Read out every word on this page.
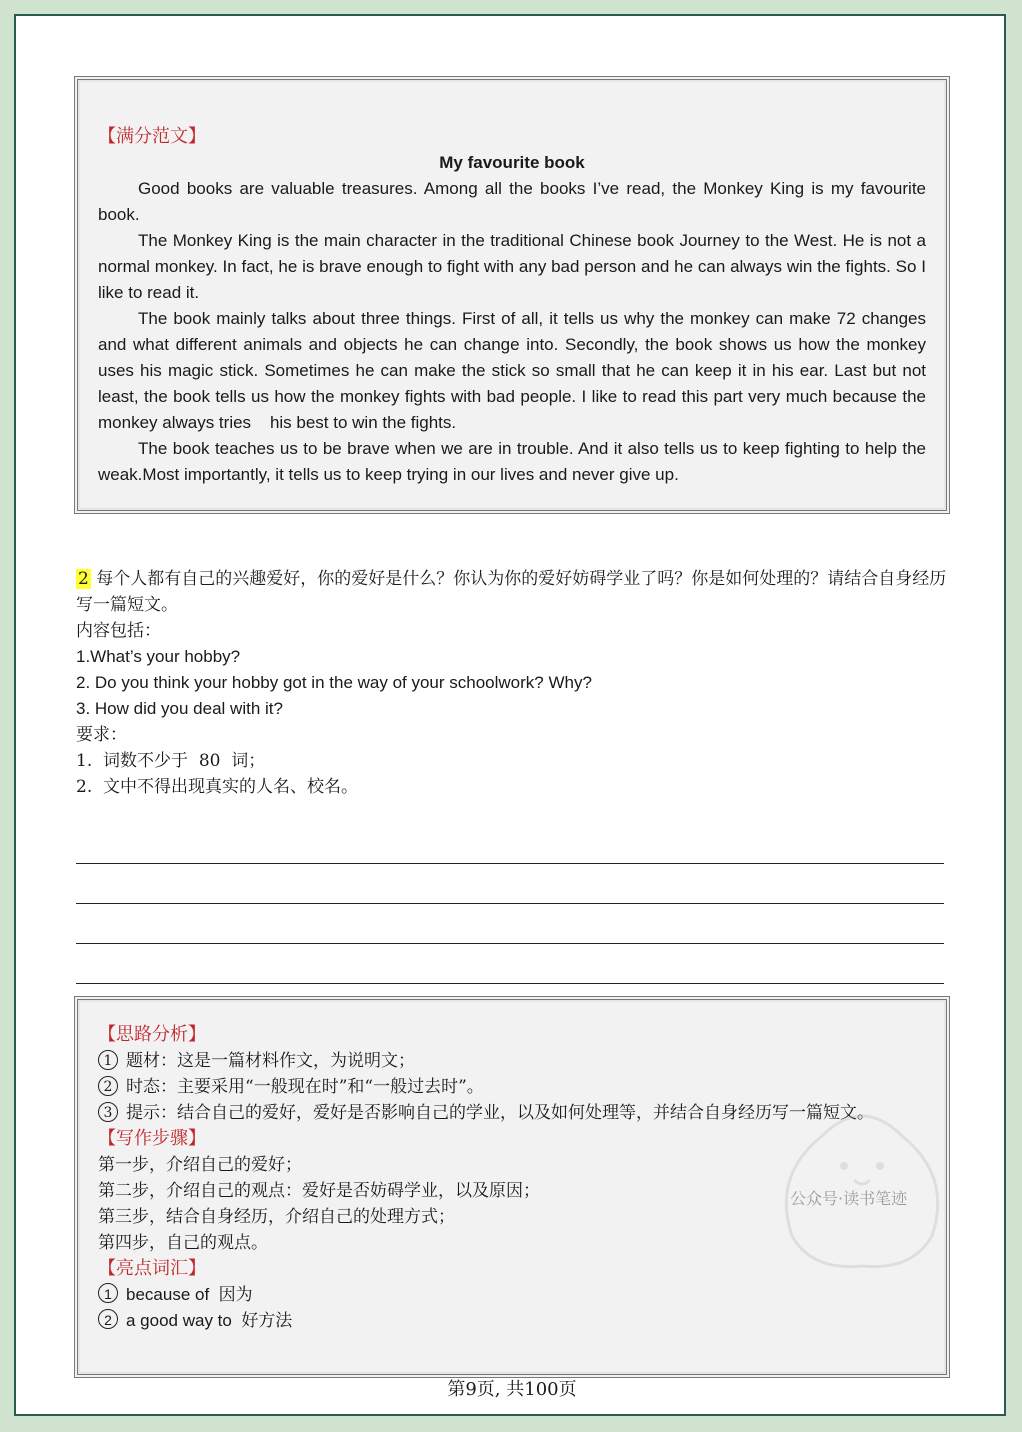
【满分范文】
My favourite book

Good books are valuable treasures. Among all the books I’ve read, the Monkey King is my favourite book.

The Monkey King is the main character in the traditional Chinese book Journey to the West. He is not a normal monkey. In fact, he is brave enough to fight with any bad person and he can always win the fights. So I like to read it.

The book mainly talks about three things. First of all, it tells us why the monkey can make 72 changes and what different animals and objects he can change into. Secondly, the book shows us how the monkey uses his magic stick. Sometimes he can make the stick so small that he can keep it in his ear. Last but not least, the book tells us how the monkey fights with bad people. I like to read this part very much because the monkey always tries    his best to win the fights.

The book teaches us to be brave when we are in trouble. And it also tells us to keep fighting to help the weak.Most importantly, it tells us to keep trying in our lives and never give up.

2 每个人都有自己的兴趣爱好，你的爱好是什么？你认为你的爱好妨碍学业了吗？你是如何处理的？请结合自身经历写一篇短文。
内容包括：
1.What’s your hobby?
2. Do you think your hobby got in the way of your schoolwork? Why?
3. How did you deal with it?
要求：
1.  词数不少于  80  词；
2.  文中不得出现真实的人名、校名。
【思路分析】
1 题材：这是一篇材料作文，为说明文；
2 时态：主要采用“一般现在时”和“一般过去时”。
3 提示：结合自己的爱好，爱好是否影响自己的学业，以及如何处理等，并结合自身经历写一篇短文。
【写作步骤】
第一步，介绍自己的爱好；
第二步，介绍自己的观点：爱好是否妨碍学业，以及原因；
第三步，结合自身经历，介绍自己的处理方式；
第四步，自己的观点。
【亮点词汇】
1 because of 因为
2 a good way to 好方法
公众号·读书笔迹
第9页, 共100页
